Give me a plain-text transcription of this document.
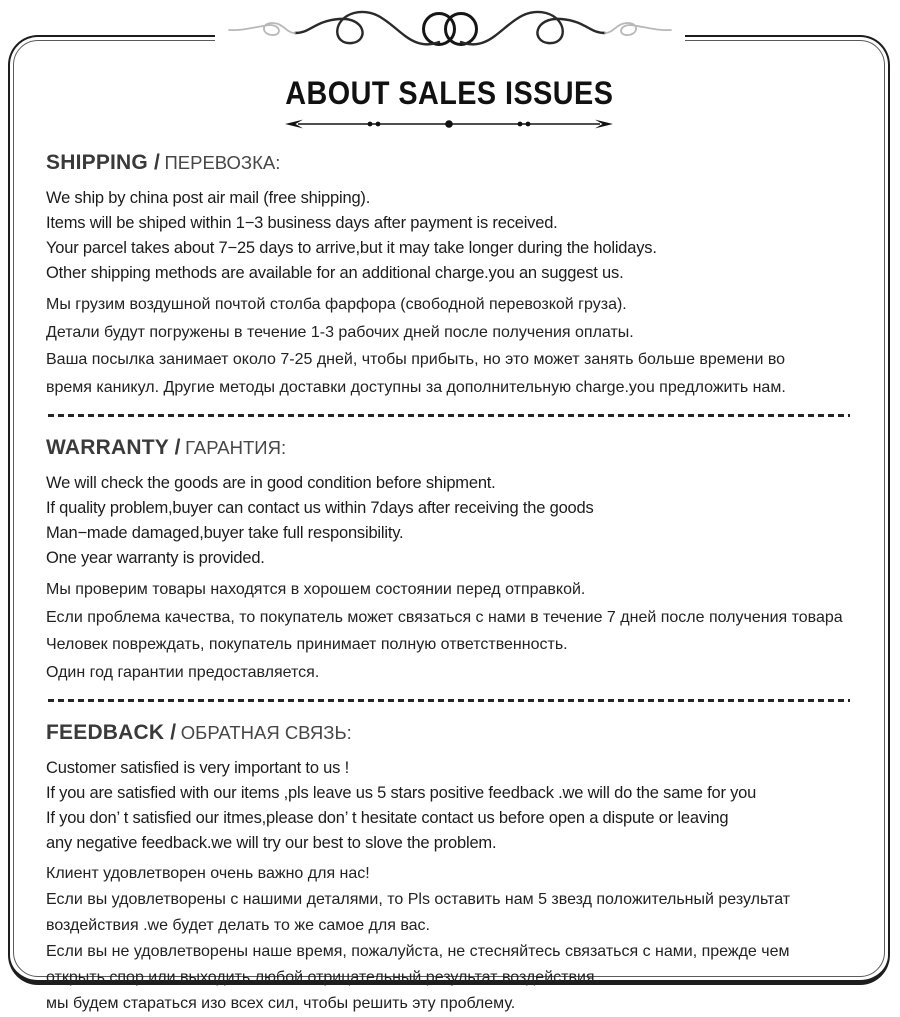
ABOUT SALES ISSUES
SHIPPING / ПЕРЕВОЗКА:
We ship by china post air mail (free shipping).
Items will be shiped within 1−3 business days after payment is received.
Your parcel takes about 7−25 days to arrive,but it may take longer during the holidays.
Other shipping methods are available for an additional charge.you an suggest us.
Мы грузим воздушной почтой столба фарфора (свободной перевозкой груза).
Детали будут погружены в течение 1-3 рабочих дней после получения оплаты.
Ваша посылка занимает около 7-25 дней, чтобы прибыть, но это может занять больше времени во
время каникул. Другие методы доставки доступны за дополнительную charge.you предложить нам.
WARRANTY / ГАРАНТИЯ:
We will check the goods are in good condition before shipment.
If quality problem,buyer can contact us within 7days after receiving the goods
Man−made damaged,buyer take full responsibility.
One year warranty is provided.
Мы проверим товары находятся в хорошем состоянии перед отправкой.
Если проблема качества, то покупатель может связаться с нами в течение 7 дней после получения товара
Человек повреждать, покупатель принимает полную ответственность.
Один год гарантии предоставляется.
FEEDBACK / ОБРАТНАЯ СВЯЗЬ:
Customer satisfied is very important to us !
If you are satisfied with our items ,pls leave us 5 stars positive feedback .we will do the same for you
If you don’ t satisfied our itmes,please don’ t hesitate contact us before open a dispute or leaving
any negative feedback.we will try our best to slove the problem.
Клиент удовлетворен очень важно для нас!
Если вы удовлетворены с нашими деталями, то Pls оставить нам 5 звезд положительный результат
воздействия .we будет делать то же самое для вас.
Если вы не удовлетворены наше время, пожалуйста, не стесняйтесь связаться с нами, прежде чем
открыть спор или выходить любой отрицательный результат воздействия.
мы будем стараться изо всех сил, чтобы решить эту проблему.
